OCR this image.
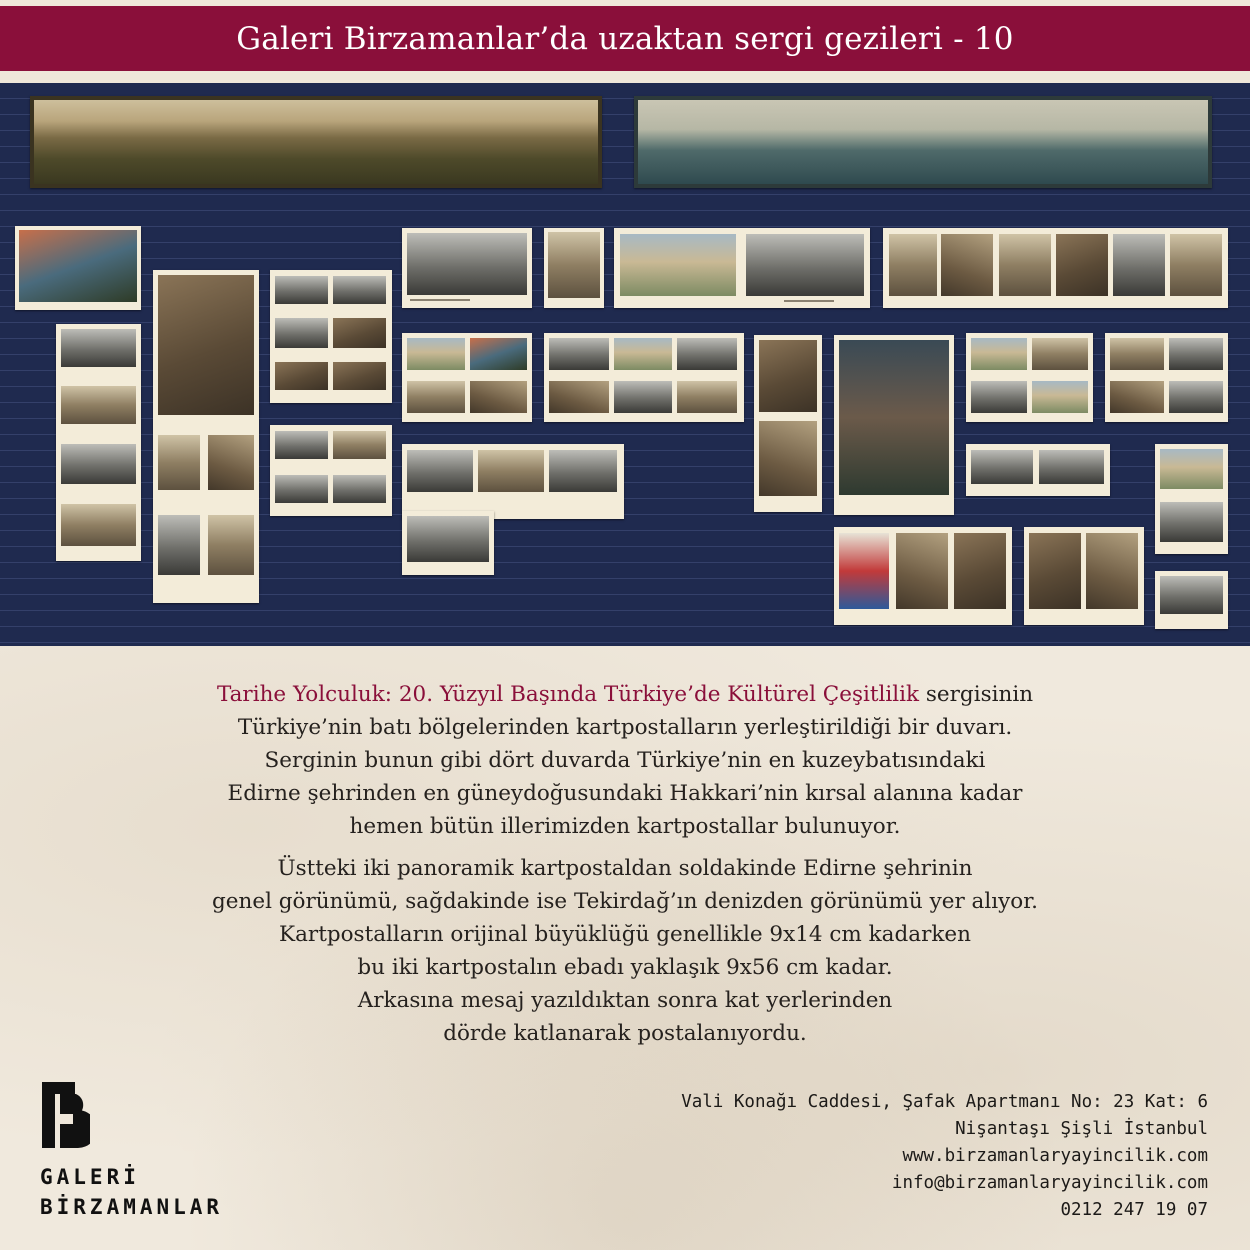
Galeri Birzamanlar’da uzaktan sergi gezileri - 10

Tarihe Yolculuk: 20. Yüzyıl Başında Türkiye’de Kültürel Çeşitlilik sergisinin
Türkiye’nin batı bölgelerinden kartpostalların yerleştirildiği bir duvarı.
Serginin bunun gibi dört duvarda Türkiye’nin en kuzeybatısındaki
Edirne şehrinden en güneydoğusundaki Hakkari’nin kırsal alanına kadar
hemen bütün illerimizden kartpostallar bulunuyor.

Üstteki iki panoramik kartpostaldan soldakinde Edirne şehrinin
genel görünümü, sağdakinde ise Tekirdağ’ın denizden görünümü yer alıyor.
Kartpostalların orijinal büyüklüğü genellikle 9x14 cm kadarken
bu iki kartpostalın ebadı yaklaşık 9x56 cm kadar.
Arkasına mesaj yazıldıktan sonra kat yerlerinden
dörde katlanarak postalanıyordu.

GALERİ
BİRZAMANLAR
Vali Konağı Caddesi, Şafak Apartmanı No: 23 Kat: 6
Nişantaşı Şişli İstanbul
www.birzamanlaryayincilik.com
info@birzamanlaryayincilik.com
0212 247 19 07
